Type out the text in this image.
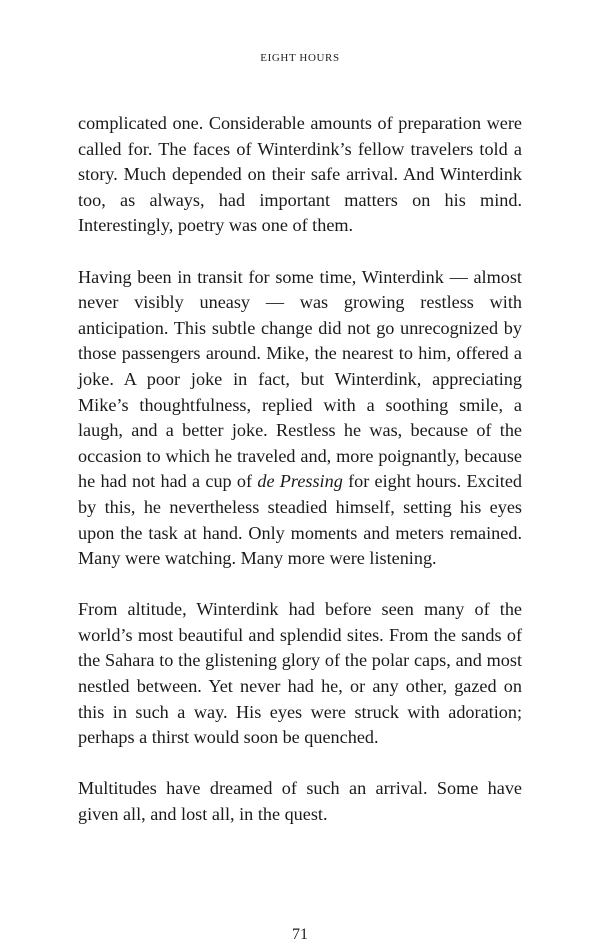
EIGHT HOURS

complicated one. Considerable amounts of preparation were called for. The faces of Winterdink’s fellow travelers told a story. Much depended on their safe arrival. And Winterdink too, as always, had important matters on his mind. Interestingly, poetry was one of them.

Having been in transit for some time, Winterdink — almost never visibly uneasy — was growing restless with anticipation. This subtle change did not go unrecognized by those passengers around. Mike, the nearest to him, offered a joke. A poor joke in fact, but Winterdink, appreciating Mike’s thoughtfulness, replied with a soothing smile, a laugh, and a better joke. Restless he was, because of the occasion to which he traveled and, more poignantly, because he had not had a cup of de Pressing for eight hours. Excited by this, he nevertheless steadied himself, setting his eyes upon the task at hand. Only moments and meters remained. Many were watching. Many more were listening.

From altitude, Winterdink had before seen many of the world’s most beautiful and splendid sites. From the sands of the Sahara to the glistening glory of the polar caps, and most nestled between. Yet never had he, or any other, gazed on this in such a way. His eyes were struck with adoration; perhaps a thirst would soon be quenched.

Multitudes have dreamed of such an arrival. Some have given all, and lost all, in the quest.

71
